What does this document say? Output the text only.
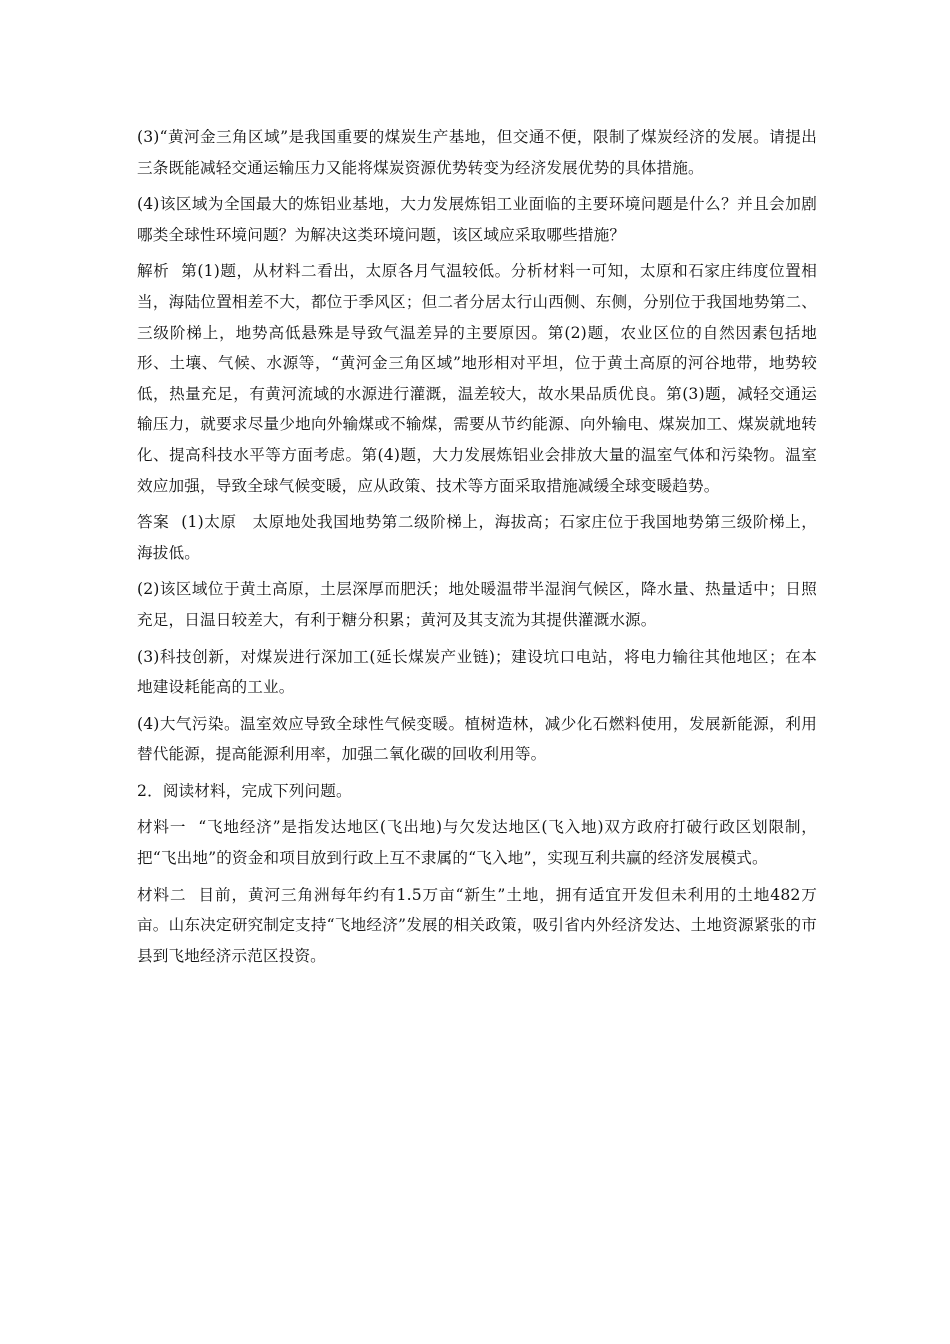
(3)“黄河金三角区域”是我国重要的煤炭生产基地，但交通不便，限制了煤炭经济的发展。请提出三条既能减轻交通运输压力又能将煤炭资源优势转变为经济发展优势的具体措施。

(4)该区域为全国最大的炼铝业基地，大力发展炼铝工业面临的主要环境问题是什么？并且会加剧哪类全球性环境问题？为解决这类环境问题，该区域应采取哪些措施？

解析 第(1)题，从材料二看出，太原各月气温较低。分析材料一可知，太原和石家庄纬度位置相当，海陆位置相差不大，都位于季风区；但二者分居太行山西侧、东侧，分别位于我国地势第二、三级阶梯上，地势高低悬殊是导致气温差异的主要原因。第(2)题，农业区位的自然因素包括地形、土壤、气候、水源等，“黄河金三角区域”地形相对平坦，位于黄土高原的河谷地带，地势较低，热量充足，有黄河流域的水源进行灌溉，温差较大，故水果品质优良。第(3)题，减轻交通运输压力，就要求尽量少地向外输煤或不输煤，需要从节约能源、向外输电、煤炭加工、煤炭就地转化、提高科技水平等方面考虑。第(4)题，大力发展炼铝业会排放大量的温室气体和污染物。温室效应加强，导致全球气候变暖，应从政策、技术等方面采取措施减缓全球变暖趋势。

答案 (1)太原　太原地处我国地势第二级阶梯上，海拔高；石家庄位于我国地势第三级阶梯上，海拔低。

(2)该区域位于黄土高原，土层深厚而肥沃；地处暖温带半湿润气候区，降水量、热量适中；日照充足，日温日较差大，有利于糖分积累；黄河及其支流为其提供灌溉水源。

(3)科技创新，对煤炭进行深加工(延长煤炭产业链)；建设坑口电站，将电力输往其他地区；在本地建设耗能高的工业。

(4)大气污染。温室效应导致全球性气候变暖。植树造林，减少化石燃料使用，发展新能源，利用替代能源，提高能源利用率，加强二氧化碳的回收利用等。

2．阅读材料，完成下列问题。

材料一 “飞地经济”是指发达地区(飞出地)与欠发达地区(飞入地)双方政府打破行政区划限制，把“飞出地”的资金和项目放到行政上互不隶属的“飞入地”，实现互利共赢的经济发展模式。

材料二 目前，黄河三角洲每年约有1.5万亩“新生”土地，拥有适宜开发但未利用的土地482万亩。山东决定研究制定支持“飞地经济”发展的相关政策，吸引省内外经济发达、土地资源紧张的市县到飞地经济示范区投资。
